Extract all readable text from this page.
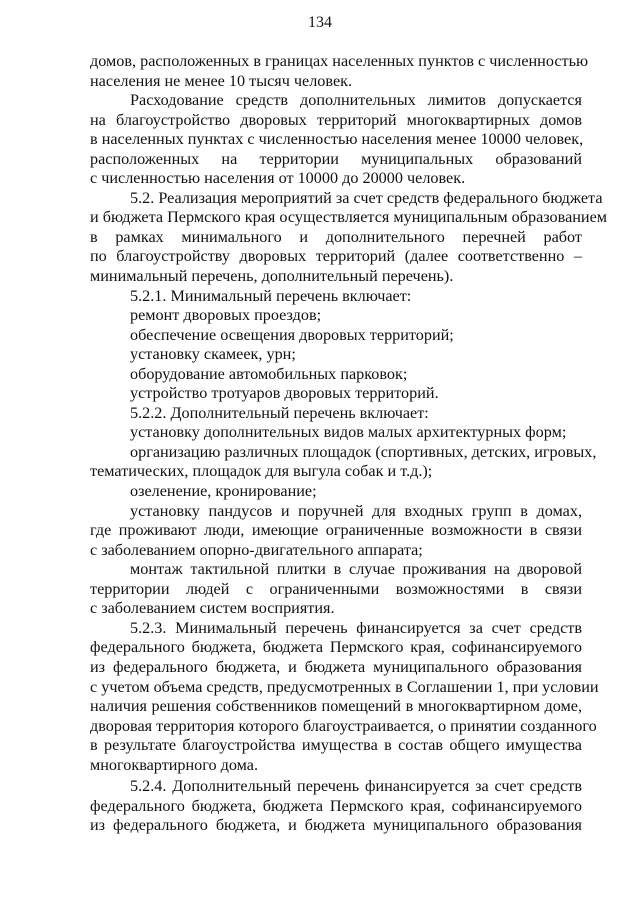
134
домов, расположенных в границах населенных пунктов с численностью
населения не менее 10 тысяч человек.
Расходование средств дополнительных лимитов допускается
на благоустройство дворовых территорий многоквартирных домов
в населенных пунктах с численностью населения менее 10000 человек,
расположенных на территории муниципальных образований
с численностью населения от 10000 до 20000 человек.
5.2. Реализация мероприятий за счет средств федерального бюджета
и бюджета Пермского края осуществляется муниципальным образованием
в рамках минимального и дополнительного перечней работ
по благоустройству дворовых территорий (далее соответственно –
минимальный перечень, дополнительный перечень).
5.2.1. Минимальный перечень включает:
ремонт дворовых проездов;
обеспечение освещения дворовых территорий;
установку скамеек, урн;
оборудование автомобильных парковок;
устройство тротуаров дворовых территорий.
5.2.2. Дополнительный перечень включает:
установку дополнительных видов малых архитектурных форм;
организацию различных площадок (спортивных, детских, игровых,
тематических, площадок для выгула собак и т.д.);
озеленение, кронирование;
установку пандусов и поручней для входных групп в домах,
где проживают люди, имеющие ограниченные возможности в связи
с заболеванием опорно-двигательного аппарата;
монтаж тактильной плитки в случае проживания на дворовой
территории людей с ограниченными возможностями в связи
с заболеванием систем восприятия.
5.2.3. Минимальный перечень финансируется за счет средств
федерального бюджета, бюджета Пермского края, софинансируемого
из федерального бюджета, и бюджета муниципального образования
с учетом объема средств, предусмотренных в Соглашении 1, при условии
наличия решения собственников помещений в многоквартирном доме,
дворовая территория которого благоустраивается, о принятии созданного
в результате благоустройства имущества в состав общего имущества
многоквартирного дома.
5.2.4. Дополнительный перечень финансируется за счет средств
федерального бюджета, бюджета Пермского края, софинансируемого
из федерального бюджета, и бюджета муниципального образования
